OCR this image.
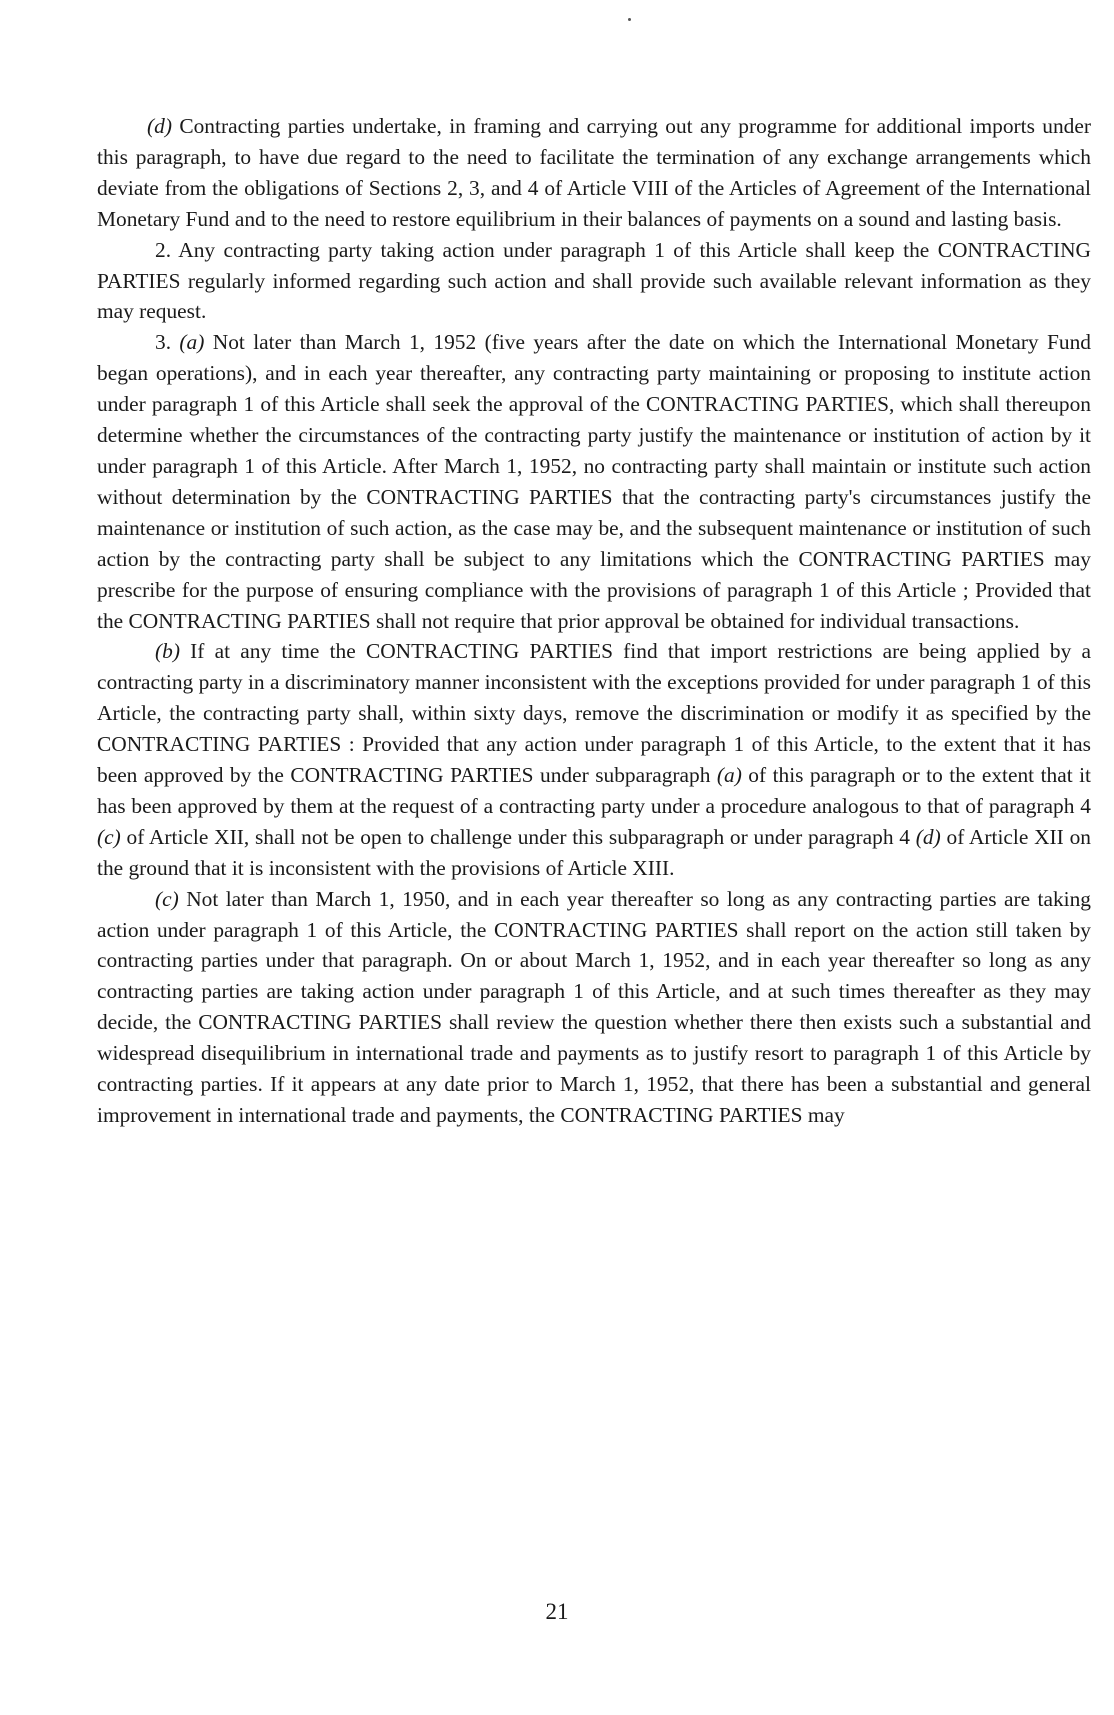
(d) Contracting parties undertake, in framing and carrying out any programme for additional imports under this paragraph, to have due regard to the need to facilitate the termination of any exchange arrangements which deviate from the obligations of Sections 2, 3, and 4 of Article VIII of the Articles of Agreement of the International Monetary Fund and to the need to restore equilibrium in their balances of payments on a sound and lasting basis.

2. Any contracting party taking action under paragraph 1 of this Article shall keep the CONTRACTING PARTIES regularly informed regarding such action and shall provide such available relevant information as they may request.

3. (a) Not later than March 1, 1952 (five years after the date on which the International Monetary Fund began operations), and in each year thereafter, any contracting party maintaining or proposing to institute action under paragraph 1 of this Article shall seek the approval of the CONTRACTING PARTIES, which shall thereupon determine whether the circumstances of the contracting party justify the maintenance or institution of action by it under paragraph 1 of this Article. After March 1, 1952, no contracting party shall maintain or institute such action without determination by the CONTRACTING PARTIES that the contracting party's circumstances justify the maintenance or institution of such action, as the case may be, and the subsequent maintenance or institution of such action by the contracting party shall be subject to any limitations which the CONTRACTING PARTIES may prescribe for the purpose of ensuring compliance with the provisions of paragraph 1 of this Article ; Provided that the CONTRACTING PARTIES shall not require that prior approval be obtained for individual transactions.

(b) If at any time the CONTRACTING PARTIES find that import restrictions are being applied by a contracting party in a discriminatory manner inconsistent with the exceptions provided for under paragraph 1 of this Article, the contracting party shall, within sixty days, remove the discrimination or modify it as specified by the CONTRACTING PARTIES : Provided that any action under paragraph 1 of this Article, to the extent that it has been approved by the CONTRACTING PARTIES under subparagraph (a) of this paragraph or to the extent that it has been approved by them at the request of a contracting party under a procedure analogous to that of paragraph 4 (c) of Article XII, shall not be open to challenge under this subparagraph or under paragraph 4 (d) of Article XII on the ground that it is inconsistent with the provisions of Article XIII.

(c) Not later than March 1, 1950, and in each year thereafter so long as any contracting parties are taking action under paragraph 1 of this Article, the CONTRACTING PARTIES shall report on the action still taken by contracting parties under that paragraph. On or about March 1, 1952, and in each year thereafter so long as any contracting parties are taking action under paragraph 1 of this Article, and at such times thereafter as they may decide, the CONTRACTING PARTIES shall review the question whether there then exists such a substantial and widespread disequilibrium in international trade and payments as to justify resort to paragraph 1 of this Article by contracting parties. If it appears at any date prior to March 1, 1952, that there has been a substantial and general improvement in international trade and payments, the CONTRACTING PARTIES may

21
